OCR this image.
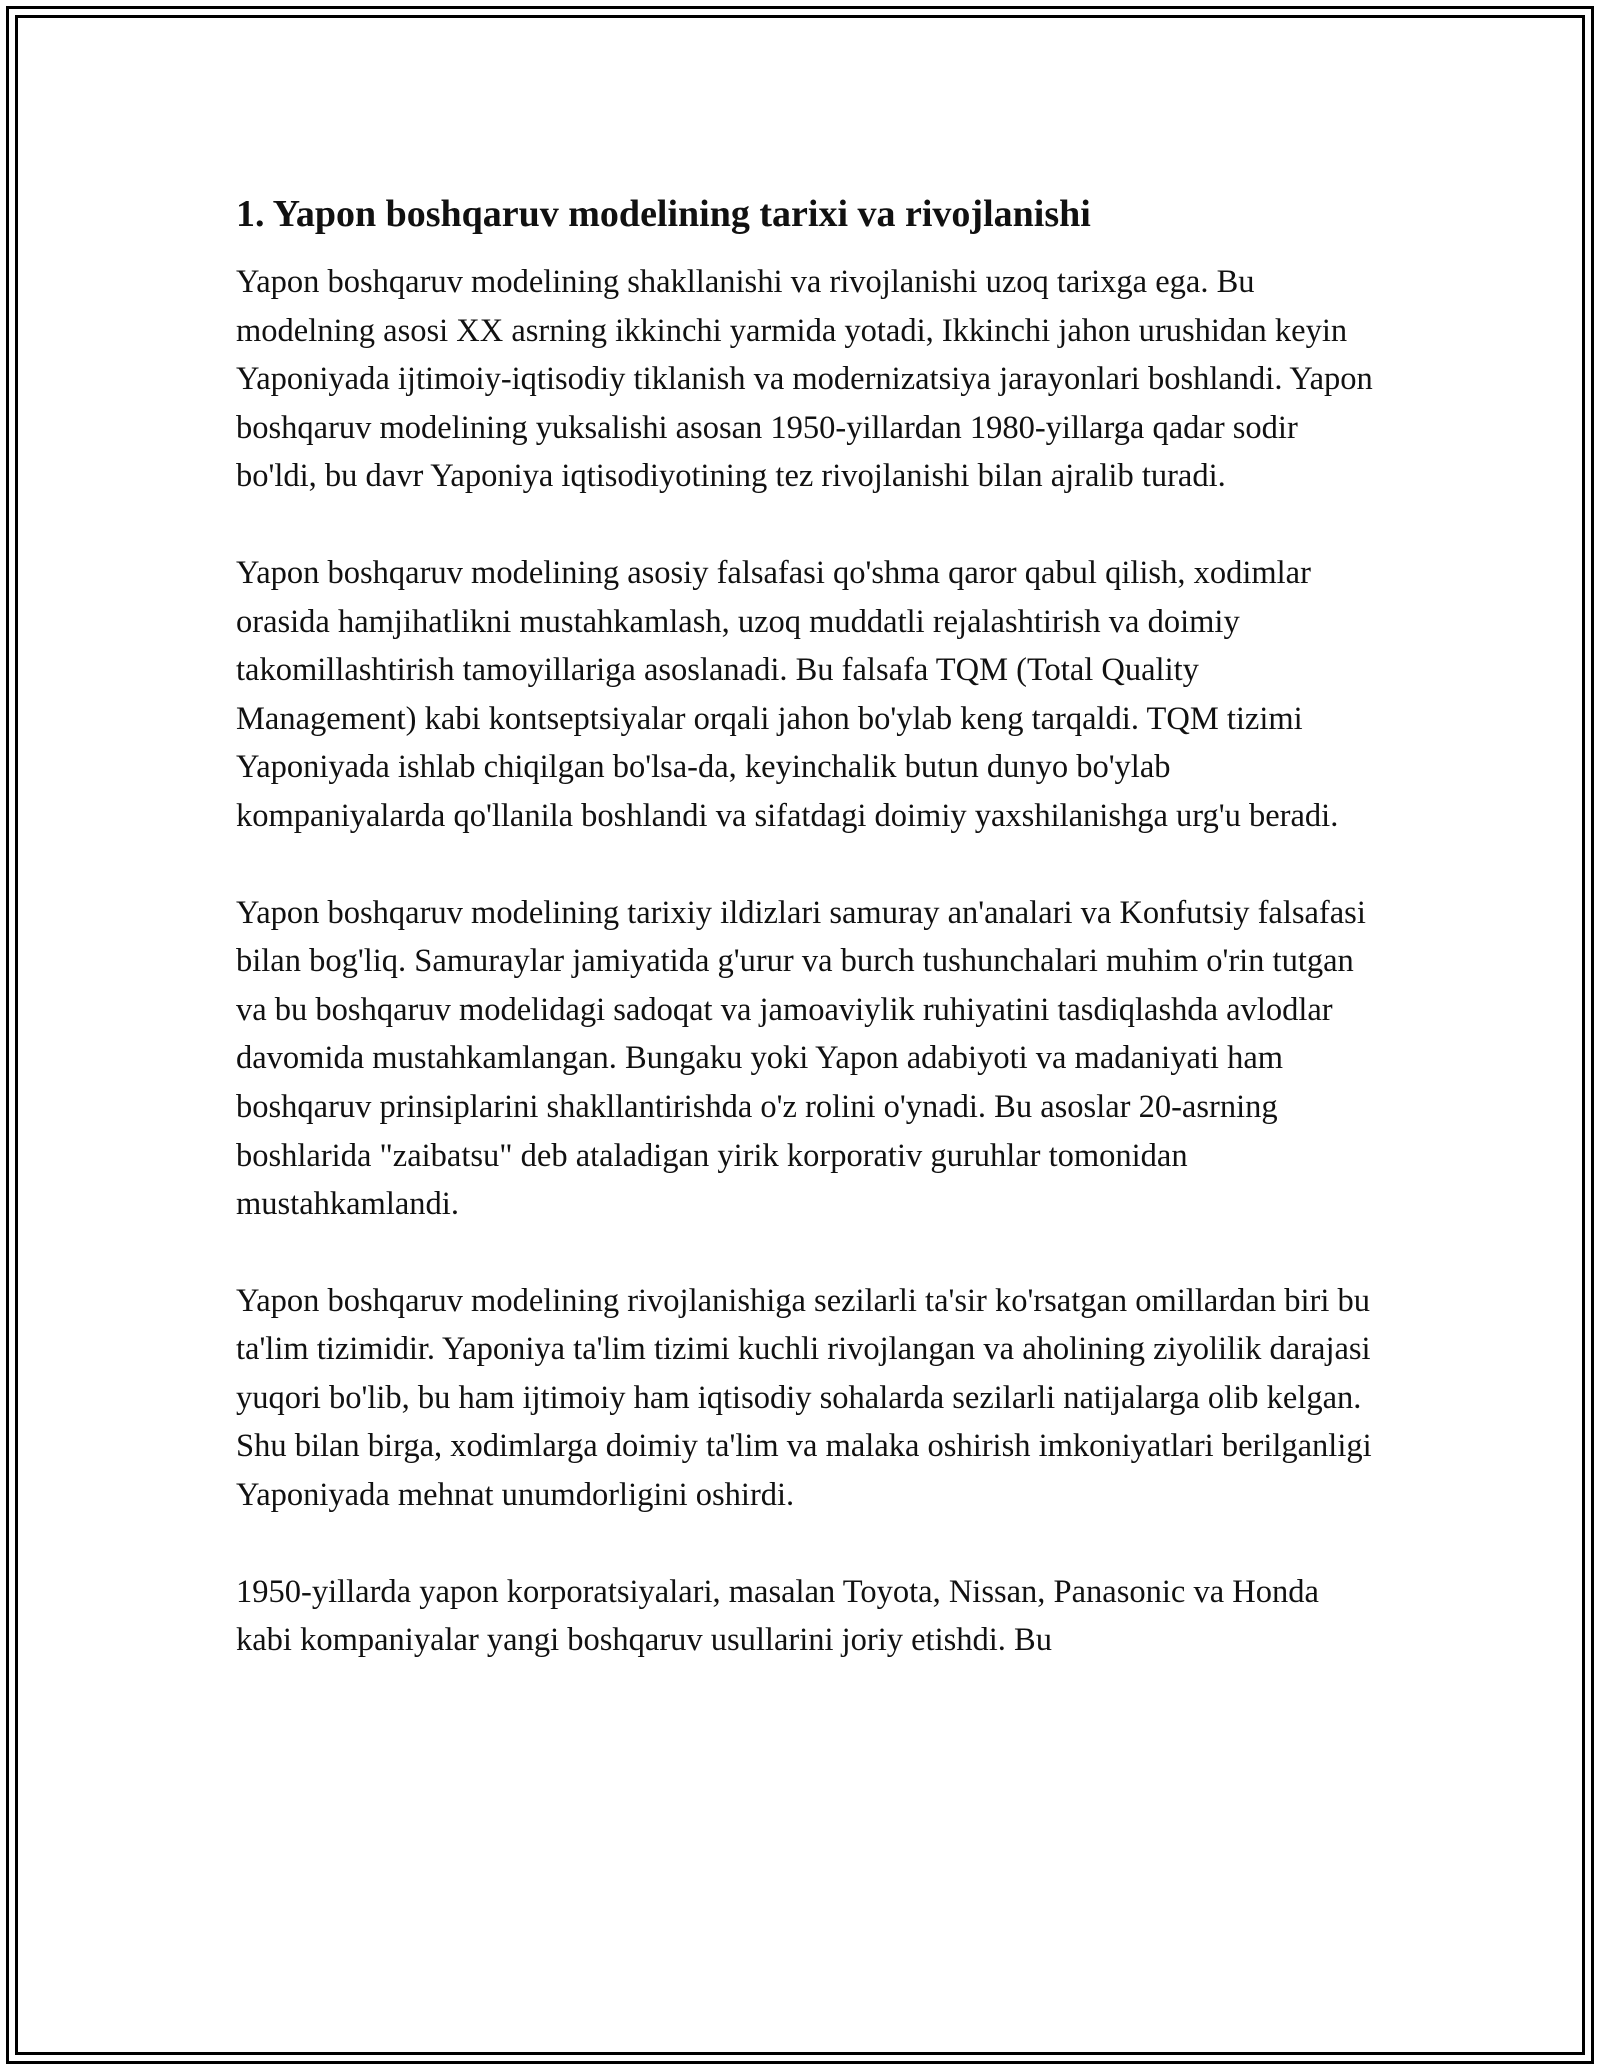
1. Yapon boshqaruv modelining tarixi va rivojlanishi

Yapon boshqaruv modelining shakllanishi va rivojlanishi uzoq tarixga ega. Bu modelning asosi XX asrning ikkinchi yarmida yotadi, Ikkinchi jahon urushidan keyin Yaponiyada ijtimoiy-iqtisodiy tiklanish va modernizatsiya jarayonlari boshlandi. Yapon boshqaruv modelining yuksalishi asosan 1950-yillardan 1980-yillarga qadar sodir bo'ldi, bu davr Yaponiya iqtisodiyotining tez rivojlanishi bilan ajralib turadi.

Yapon boshqaruv modelining asosiy falsafasi qo'shma qaror qabul qilish, xodimlar orasida hamjihatlikni mustahkamlash, uzoq muddatli rejalashtirish va doimiy takomillashtirish tamoyillariga asoslanadi. Bu falsafa TQM (Total Quality Management) kabi kontseptsiyalar orqali jahon bo'ylab keng tarqaldi. TQM tizimi Yaponiyada ishlab chiqilgan bo'lsa-da, keyinchalik butun dunyo bo'ylab kompaniyalarda qo'llanila boshlandi va sifatdagi doimiy yaxshilanishga urg'u beradi.

Yapon boshqaruv modelining tarixiy ildizlari samuray an'analari va Konfutsiy falsafasi bilan bog'liq. Samuraylar jamiyatida g'urur va burch tushunchalari muhim o'rin tutgan va bu boshqaruv modelidagi sadoqat va jamoaviylik ruhiyatini tasdiqlashda avlodlar davomida mustahkamlangan. Bungaku yoki Yapon adabiyoti va madaniyati ham boshqaruv prinsiplarini shakllantirishda o'z rolini o'ynadi. Bu asoslar 20-asrning boshlarida "zaibatsu" deb ataladigan yirik korporativ guruhlar tomonidan mustahkamlandi.

Yapon boshqaruv modelining rivojlanishiga sezilarli ta'sir ko'rsatgan omillardan biri bu ta'lim tizimidir. Yaponiya ta'lim tizimi kuchli rivojlangan va aholining ziyolilik darajasi yuqori bo'lib, bu ham ijtimoiy ham iqtisodiy sohalarda sezilarli natijalarga olib kelgan. Shu bilan birga, xodimlarga doimiy ta'lim va malaka oshirish imkoniyatlari berilganligi Yaponiyada mehnat unumdorligini oshirdi.

1950-yillarda yapon korporatsiyalari, masalan Toyota, Nissan, Panasonic va Honda kabi kompaniyalar yangi boshqaruv usullarini joriy etishdi. Bu
